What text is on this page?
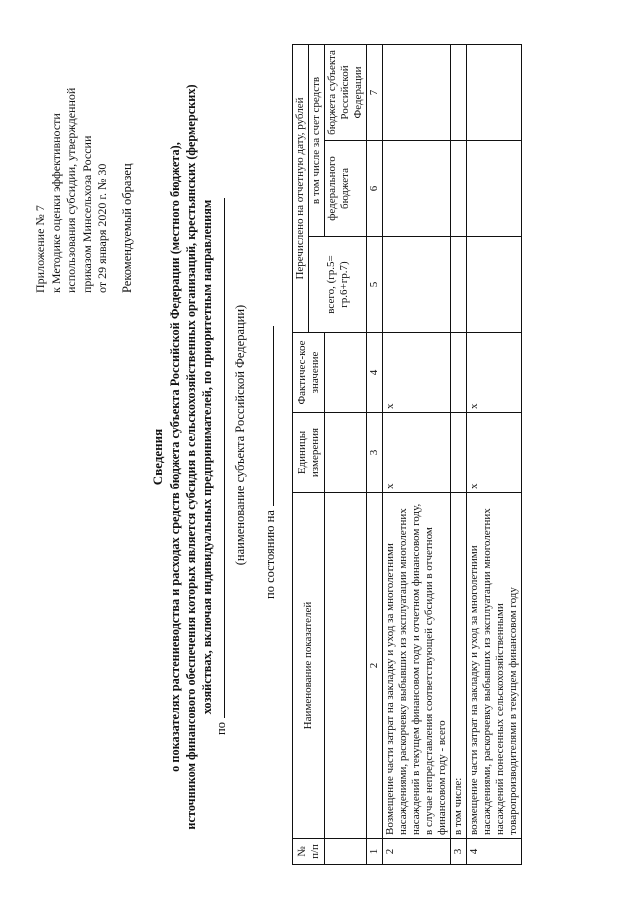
Приложение № 7 к Методике оценки эффективности использования субсидии, утвержденной приказом Минсельхоза России от 29 января 2020 г. № 30 Рекомендуемый образец
Сведения о показателях растениеводства и расходах средств бюджета субъекта Российской Федерации (местного бюджета), источником финансового обеспечения которых является субсидия в сельскохозяйственных организаций, крестьянских (фермерских) хозяйствах, включая индивидуальных предпринимателей, по приоритетным направлениям
по
(наименование субъекта Российской Федерации) по состоянию на
№ п/п	Наименование показателей	Единицы измерения	Фактичес-кое значение	Перечислено на отчетную дату, рублей		
				всего, (гр.5= гр.6+гр.7)	в том числе за счет средств	
					федерального бюджета	бюджета субъекта Российской Федерации
1	2	3	4	5	6	7
2	Возмещение части затрат на закладку и уход за многолетними насаждениями, раскорчевку выбывших из эксплуатации многолетних насаждений в текущем финансовом году и отчетном финансовом году, в случае непредставления соответствующей субсидии в отчетном финансовом году - всего	x	x			
3	в том числе:					
4	возмещение части затрат на закладку и уход за многолетними насаждениями, раскорчевку выбывших из эксплуатации многолетних насаждений понесенных сельскохозяйственными товаропроизводителями в текущем финансовом году	x	x			
